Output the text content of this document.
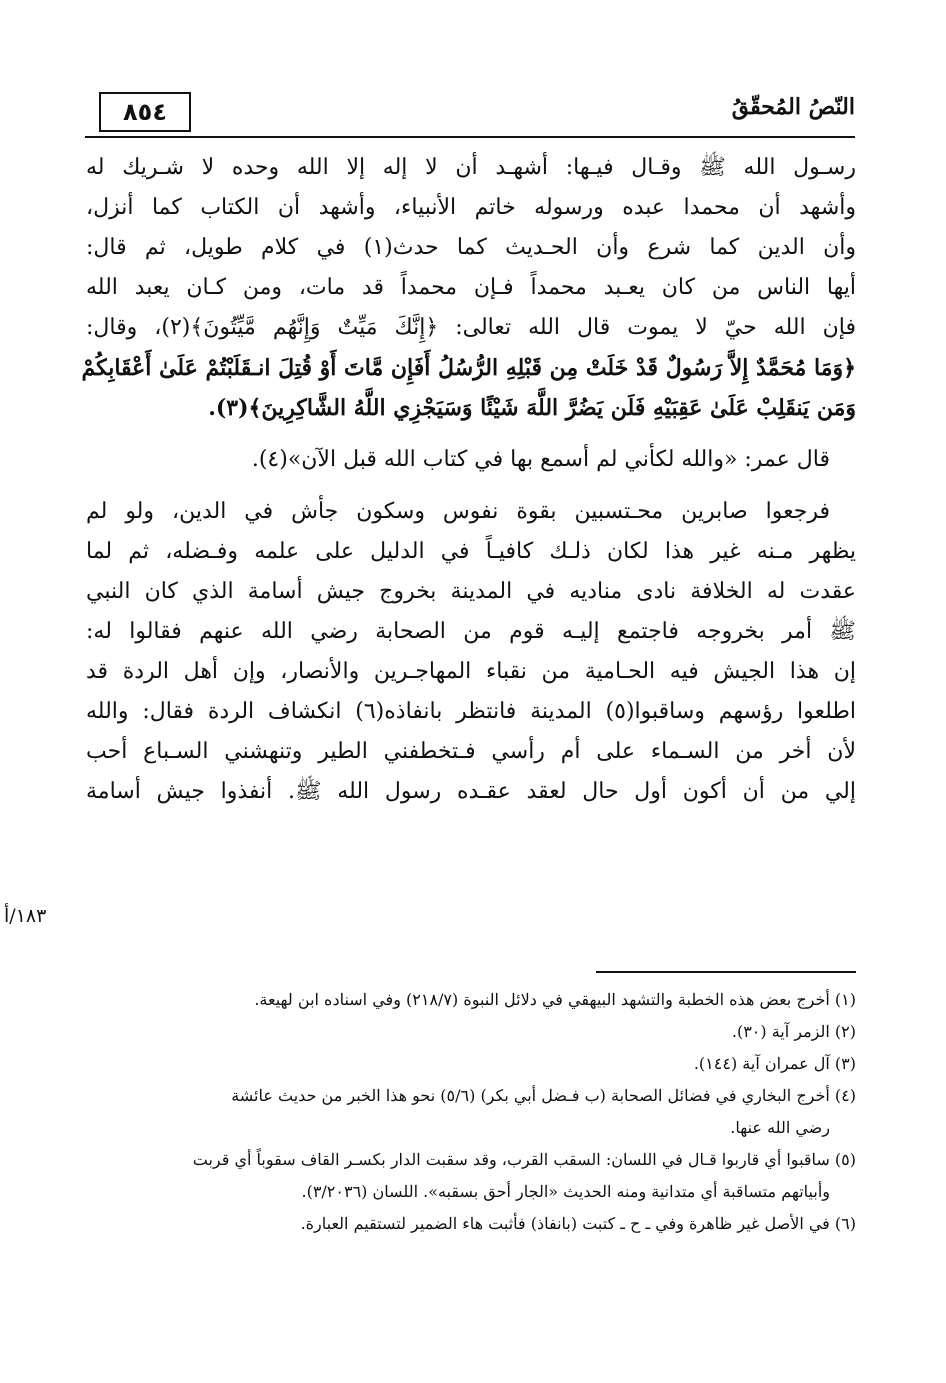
٨٥٤	النّصُ المُحقّقُ
رسـول الله ﷺ وقـال فيـها: أشهـد أن لا إله إلا الله وحده لا شـريك له
وأشهد أن محمدا عبده ورسوله خاتم الأنبياء، وأشهد أن الكتاب كما أنزل،
وأن الدين كما شرع وأن الحـديث كما حدث(١) في كلام طويل، ثم قال:
أيها الناس من كان يعـبد محمداً فـإن محمداً قد مات، ومن كـان يعبد الله
فإن الله حيّ لا يموت قال الله تعالى: ﴿إِنَّكَ مَيِّتٌ وَإِنَّهُم مَّيِّتُونَ﴾(٢)، وقال:
﴿وَمَا مُحَمَّدٌ إِلاَّ رَسُولٌ قَدْ خَلَتْ مِن قَبْلِهِ الرُّسُلُ أَفَإِن مَّاتَ أَوْ قُتِلَ انـقَلَبْتُمْ عَلَىٰ أَعْقَابِكُمْ
وَمَن يَنقَلِبْ عَلَىٰ عَقِبَيْهِ فَلَن يَضُرَّ اللَّهَ شَيْئًا وَسَيَجْزِي اللَّهُ الشَّاكِرِينَ﴾(٣).
قال عمر: «والله لكأني لم أسمع بها في كتاب الله قبل الآن»(٤).
فرجعوا صابرين محـتسبين بقوة نفوس وسكون جأش في الدين، ولو لم
يظهر مـنه غير هذا لكان ذلـك كافيـاً في الدليل على علمه وفـضله، ثم لما
عقدت له الخلافة نادى مناديه في المدينة بخروج جيش أسامة الذي كان النبي
ﷺ أمر بخروجه فاجتمع إليـه قوم من الصحابة رضي الله عنهم فقالوا له:
إن هذا الجيش فيه الحـامية من نقباء المهاجـرين والأنصار، وإن أهل الردة قد
اطلعوا رؤسهم وساقبوا(٥) المدينة فانتظر بانفاذه(٦) انكشاف الردة فقال: والله
لأن أخر من السـماء على أم رأسي فـتخطفني الطير وتنهشني السـباع أحب
إلي من أن أكون أول حال لعقد عقـده رسول الله ﷺ. أنفذوا جيش أسامة
١٨٣/أ
(١) أخرج بعض هذه الخطبة والتشهد البيهقي في دلائل النبوة (٢١٨/٧) وفي اسناده ابن لهيعة.
(٢) الزمر آية (٣٠).
(٣) آل عمران آية (١٤٤).
(٤) أخرج البخاري في فضائل الصحابة (ب فـضل أبي بكر) (٥/٦) نحو هذا الخبر من حديث عائشة
رضي الله عنها.
(٥) ساقبوا أي قاربوا قـال في اللسان: السقب القرب، وقد سقبت الدار بكسـر القاف سقوباً أي قربت
وأبياتهم متساقبة أي متدانية ومنه الحديث «الجار أحق بسقبه». اللسان (٣/٢٠٣٦).
(٦) في الأصل غير ظاهرة وفي ـ ح ـ كتبت (بانفاذ) فأثبت هاء الضمير لتستقيم العبارة.
